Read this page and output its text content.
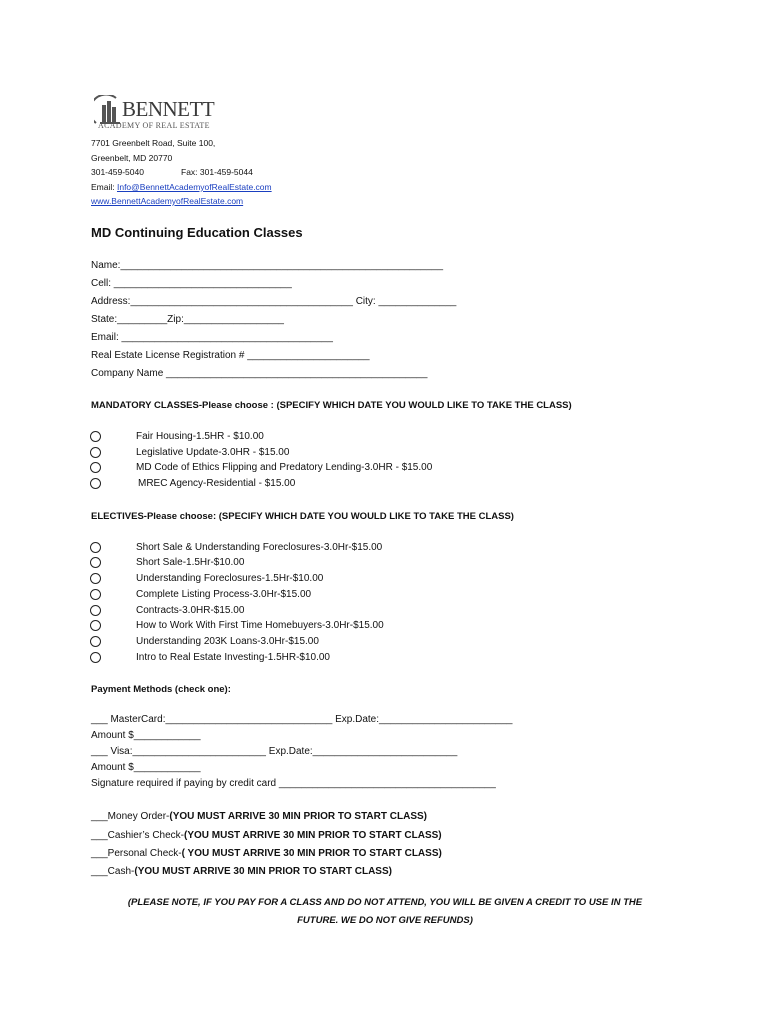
BENNETT
ACADEMY OF REAL ESTATE
7701 Greenbelt Road, Suite 100,
Greenbelt, MD 20770
301-459-5040	Fax: 301-459-5044
Email: Info@BennettAcademyofRealEstate.com
www.BennettAcademyofRealEstate.com
MD Continuing Education Classes
Name:__________________________________________________________
Cell: ________________________________
Address:________________________________________ City: ______________
State:_________Zip:__________________
Email: ______________________________________
Real Estate License Registration # ______________________
Company Name _______________________________________________
MANDATORY CLASSES-Please choose : (SPECIFY WHICH DATE YOU WOULD LIKE TO TAKE THE CLASS)
Fair Housing-1.5HR - $10.00
Legislative Update-3.0HR - $15.00
MD Code of Ethics Flipping and Predatory Lending-3.0HR - $15.00
MREC Agency-Residential - $15.00
ELECTIVES-Please choose: (SPECIFY WHICH DATE YOU WOULD LIKE TO TAKE THE CLASS)
Short Sale & Understanding Foreclosures-3.0Hr-$15.00
Short Sale-1.5Hr-$10.00
Understanding Foreclosures-1.5Hr-$10.00
Complete Listing Process-3.0Hr-$15.00
Contracts-3.0HR-$15.00
How to Work With First Time Homebuyers-3.0Hr-$15.00
Understanding 203K Loans-3.0Hr-$15.00
Intro to Real Estate Investing-1.5HR-$10.00
Payment Methods (check one):
___ MasterCard:______________________________ Exp.Date:________________________
Amount $____________
___ Visa:________________________ Exp.Date:__________________________
Amount $____________
Signature required if paying by credit card _______________________________________
___Money Order-(YOU MUST ARRIVE 30 MIN PRIOR TO START CLASS)
___Cashier’s Check-(YOU MUST ARRIVE 30 MIN PRIOR TO START CLASS)
___Personal Check-( YOU MUST ARRIVE 30 MIN PRIOR TO START CLASS)
___Cash-(YOU MUST ARRIVE 30 MIN PRIOR TO START CLASS)
(PLEASE NOTE, IF YOU PAY FOR A CLASS AND DO NOT ATTEND, YOU WILL BE GIVEN A CREDIT TO USE IN THE
FUTURE. WE DO NOT GIVE REFUNDS)
